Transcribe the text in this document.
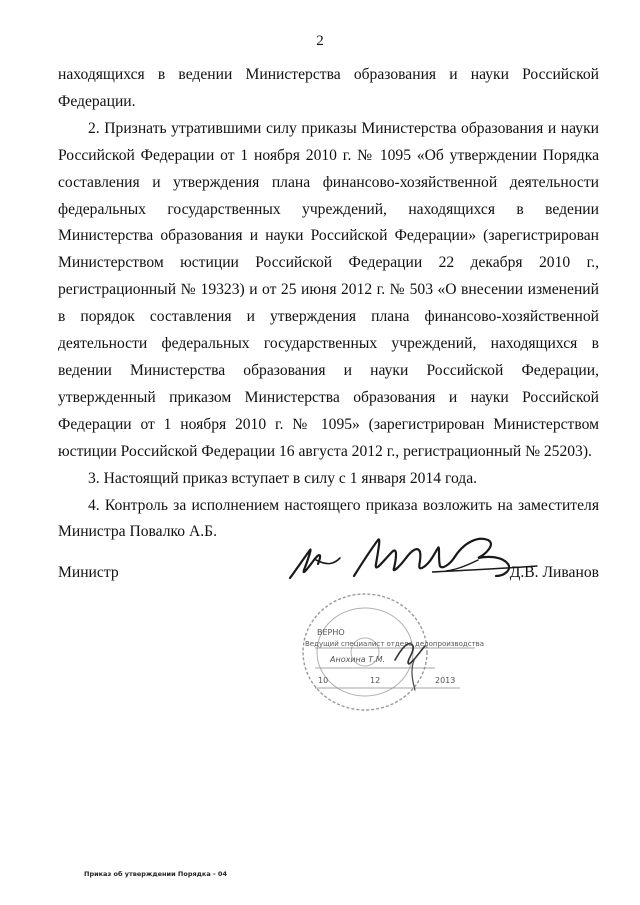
2

находящихся в ведении Министерства образования и науки Российской Федерации.

2. Признать утратившими силу приказы Министерства образования и науки Российской Федерации от 1 ноября 2010 г. № 1095 «Об утверждении Порядка составления и утверждения плана финансово-хозяйственной деятельности федеральных государственных учреждений, находящихся в ведении Министерства образования и науки Российской Федерации» (зарегистрирован Министерством юстиции Российской Федерации 22 декабря 2010 г., регистрационный № 19323) и от 25 июня 2012 г. № 503 «О внесении изменений в порядок составления и утверждения плана финансово-хозяйственной деятельности федеральных государственных учреждений, находящихся в ведении Министерства образования и науки Российской Федерации, утвержденный приказом Министерства образования и науки Российской Федерации от 1 ноября 2010 г. № 1095» (зарегистрирован Министерством юстиции Российской Федерации 16 августа 2012 г., регистрационный № 25203).

3. Настоящий приказ вступает в силу с 1 января 2014 года.

4. Контроль за исполнением настоящего приказа возложить на заместителя Министра Повалко А.Б.

Министр	Д.В. Ливанов
ВЕРНО
Ведущий специалист отдела делопроизводства
Анохина Т.М.
10	12	2013
Приказ об утверждении Порядка - 04
